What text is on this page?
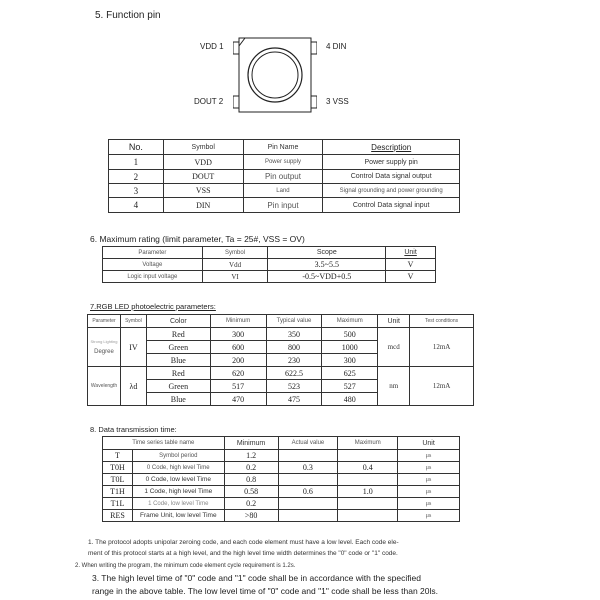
5. Function pin
VDD 1	4 DIN
DOUT 2	3 VSS
No.	Symbol	Pin Name	Description
1	VDD	Power supply	Power supply pin
2	DOUT	Pin output	Control Data signal output
3	VSS	Land	Signal grounding and power grounding
4	DIN	Pin input	Control Data signal input
6. Maximum rating (limit parameter, Ta = 25#, VSS = OV)
Parameter	Symbol	Scope	Unit
Voltage	Vdd	3.5~5.5	V
Logic input voltage	VI	-0.5~VDD+0.5	V
7.RGB LED photoelectric parameters:
Parameter	Symbol	Color	Minimum	Typical value	Maximum	Unit	Test conditions

Strong Lighting
Degree	IV	Red	300	350	500	mcd	12mA
		Green	600	800	1000		
		Blue	200	230	300		
Wavelength	λd	Red	620	622.5	625	nm	12mA
		Green	517	523	527		
		Blue	470	475	480		
8. Data transmission time:
Time series table name		Minimum	Actual value	Maximum	Unit
T	Symbol period	1.2			μs
T0H	0 Code, high level Time	0.2	0.3	0.4	μs
T0L	0 Code, low level Time	0.8			μs
T1H	1 Code, high level Time	0.58	0.6	1.0	μs
T1L	1 Code, low level Time	0.2			μs
RES	Frame Unit, low level Time	>80			μs
1. The protocol adopts unipolar zeroing code, and each code element must have a low level. Each code ele-
ment of this protocol starts at a high level, and the high level time width determines the "0" code or "1" code.
2. When writing the program, the minimum code element cycle requirement is 1.2s.
3. The high level time of "0" code and "1" code shall be in accordance with the specified
range in the above table. The low level time of "0" code and "1" code shall be less than 20ls.
